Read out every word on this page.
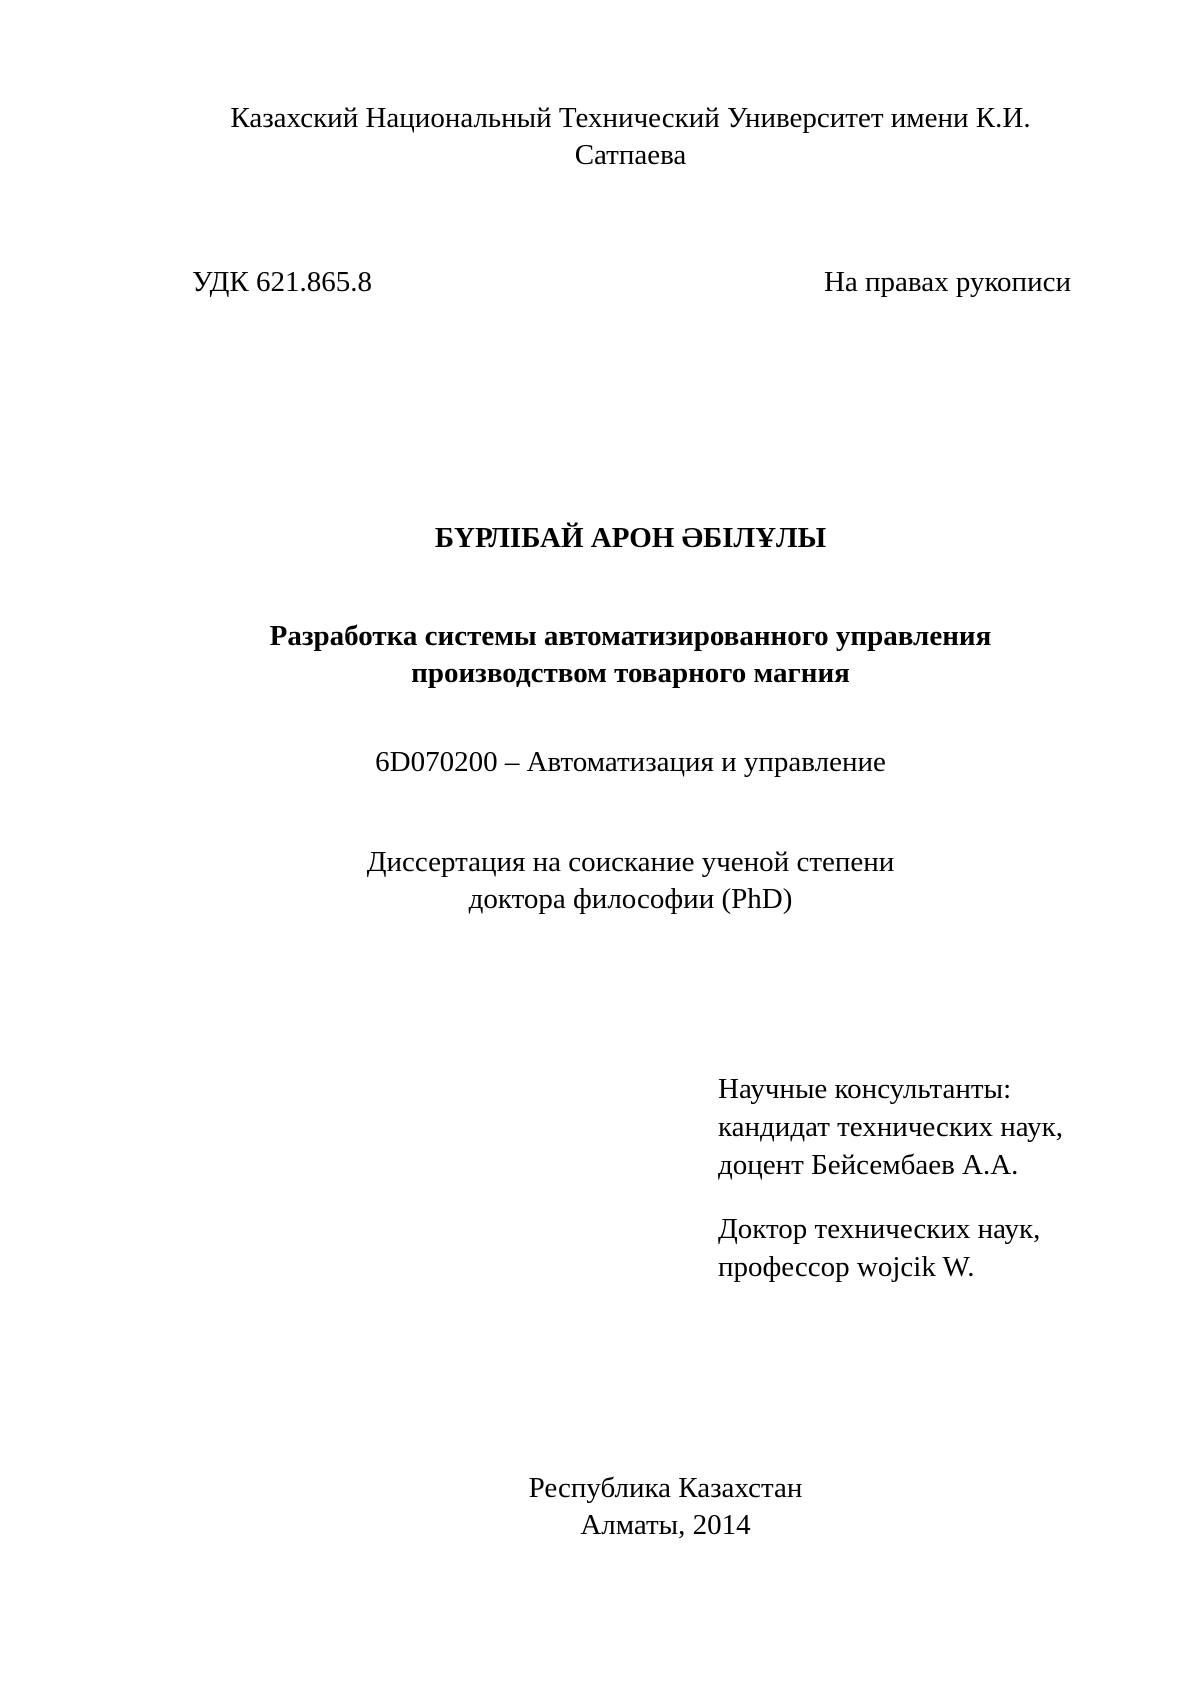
Казахский Национальный Технический Университет имени К.И. Сатпаева
УДК 621.865.8	На правах рукописи
БҮРЛІБАЙ АРОН ӘБІЛҰЛЫ
Разработка системы автоматизированного управления
производством товарного магния
6D070200 – Автоматизация и управление
Диссертация на соискание ученой степени
доктора философии (PhD)
Научные консультанты:
кандидат технических наук,
доцент Бейсембаев А.А.
Доктор технических наук,
профессор wojcik W.
Республика Казахстан
Алматы, 2014
